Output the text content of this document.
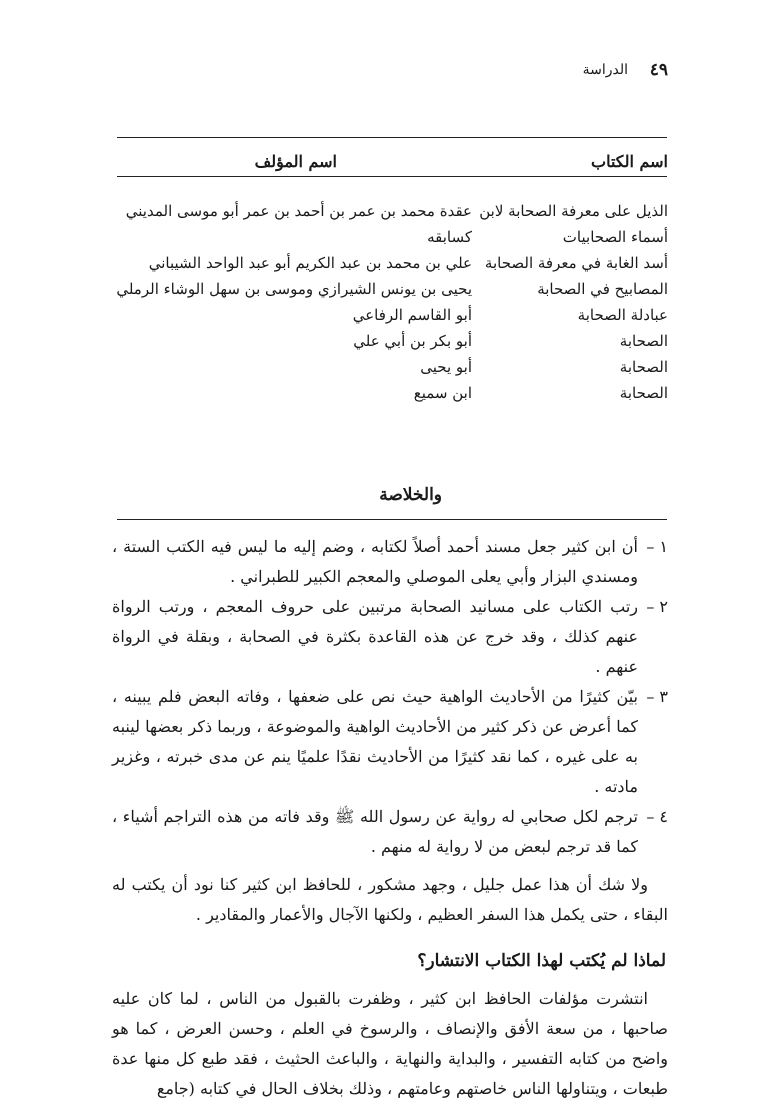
٤٩
الدراسة
اسم الكتاب
اسم المؤلف
الذيل على معرفة الصحابة لابن
أسماء الصحابيات
أسد الغابة في معرفة الصحابة
المصابيح في الصحابة
عبادلة الصحابة
الصحابة
الصحابة
الصحابة
عقدة محمد بن عمر بن أحمد بن عمر أبو موسى المديني
كسابقه
علي بن محمد بن عبد الكريم أبو عبد الواحد الشيباني
يحيى بن يونس الشيرازي وموسى بن سهل الوشاء الرملي
أبو القاسم الرفاعي
أبو بكر بن أبي علي
أبو يحيى
ابن سميع
والخلاصة
١ –
أن ابن كثير جعل مسند أحمد أصلاً لكتابه ، وضم إليه ما ليس فيه الكتب الستة ، ومسندي البزار وأبي يعلى الموصلي والمعجم الكبير للطبراني .
٢ –
رتب الكتاب على مسانيد الصحابة مرتبين على حروف المعجم ، ورتب الرواة عنهم كذلك ، وقد خرج عن هذه القاعدة بكثرة في الصحابة ، وبقلة في الرواة عنهم .
٣ –
بيّن كثيرًا من الأحاديث الواهية حيث نص على ضعفها ، وفاته البعض فلم يبينه ، كما أعرض عن ذكر كثير من الأحاديث الواهية والموضوعة ، وربما ذكر بعضها لينبه به على غيره ، كما نقد كثيرًا من الأحاديث نقدًا علميًا ينم عن مدى خبرته ، وغزير مادته .
٤ –
ترجم لكل صحابي له رواية عن رسول الله ﷺ وقد فاته من هذه التراجم أشياء ، كما قد ترجم لبعض من لا رواية له منهم .

ولا شك أن هذا عمل جليل ، وجهد مشكور ، للحافظ ابن كثير كنا نود أن يكتب له البقاء ، حتى يكمل هذا السفر العظيم ، ولكنها الآجال والأعمار والمقادير .

لماذا لم يُكتب لهذا الكتاب الانتشار؟

انتشرت مؤلفات الحافظ ابن كثير ، وظفرت بالقبول من الناس ، لما كان عليه صاحبها ، من سعة الأفق والإنصاف ، والرسوخ في العلم ، وحسن العرض ، كما هو واضح من كتابه التفسير ، والبداية والنهاية ، والباعث الحثيث ، فقد طبع كل منها عدة طبعات ، ويتناولها الناس خاصتهم وعامتهم ، وذلك بخلاف الحال في كتابه (جامع
